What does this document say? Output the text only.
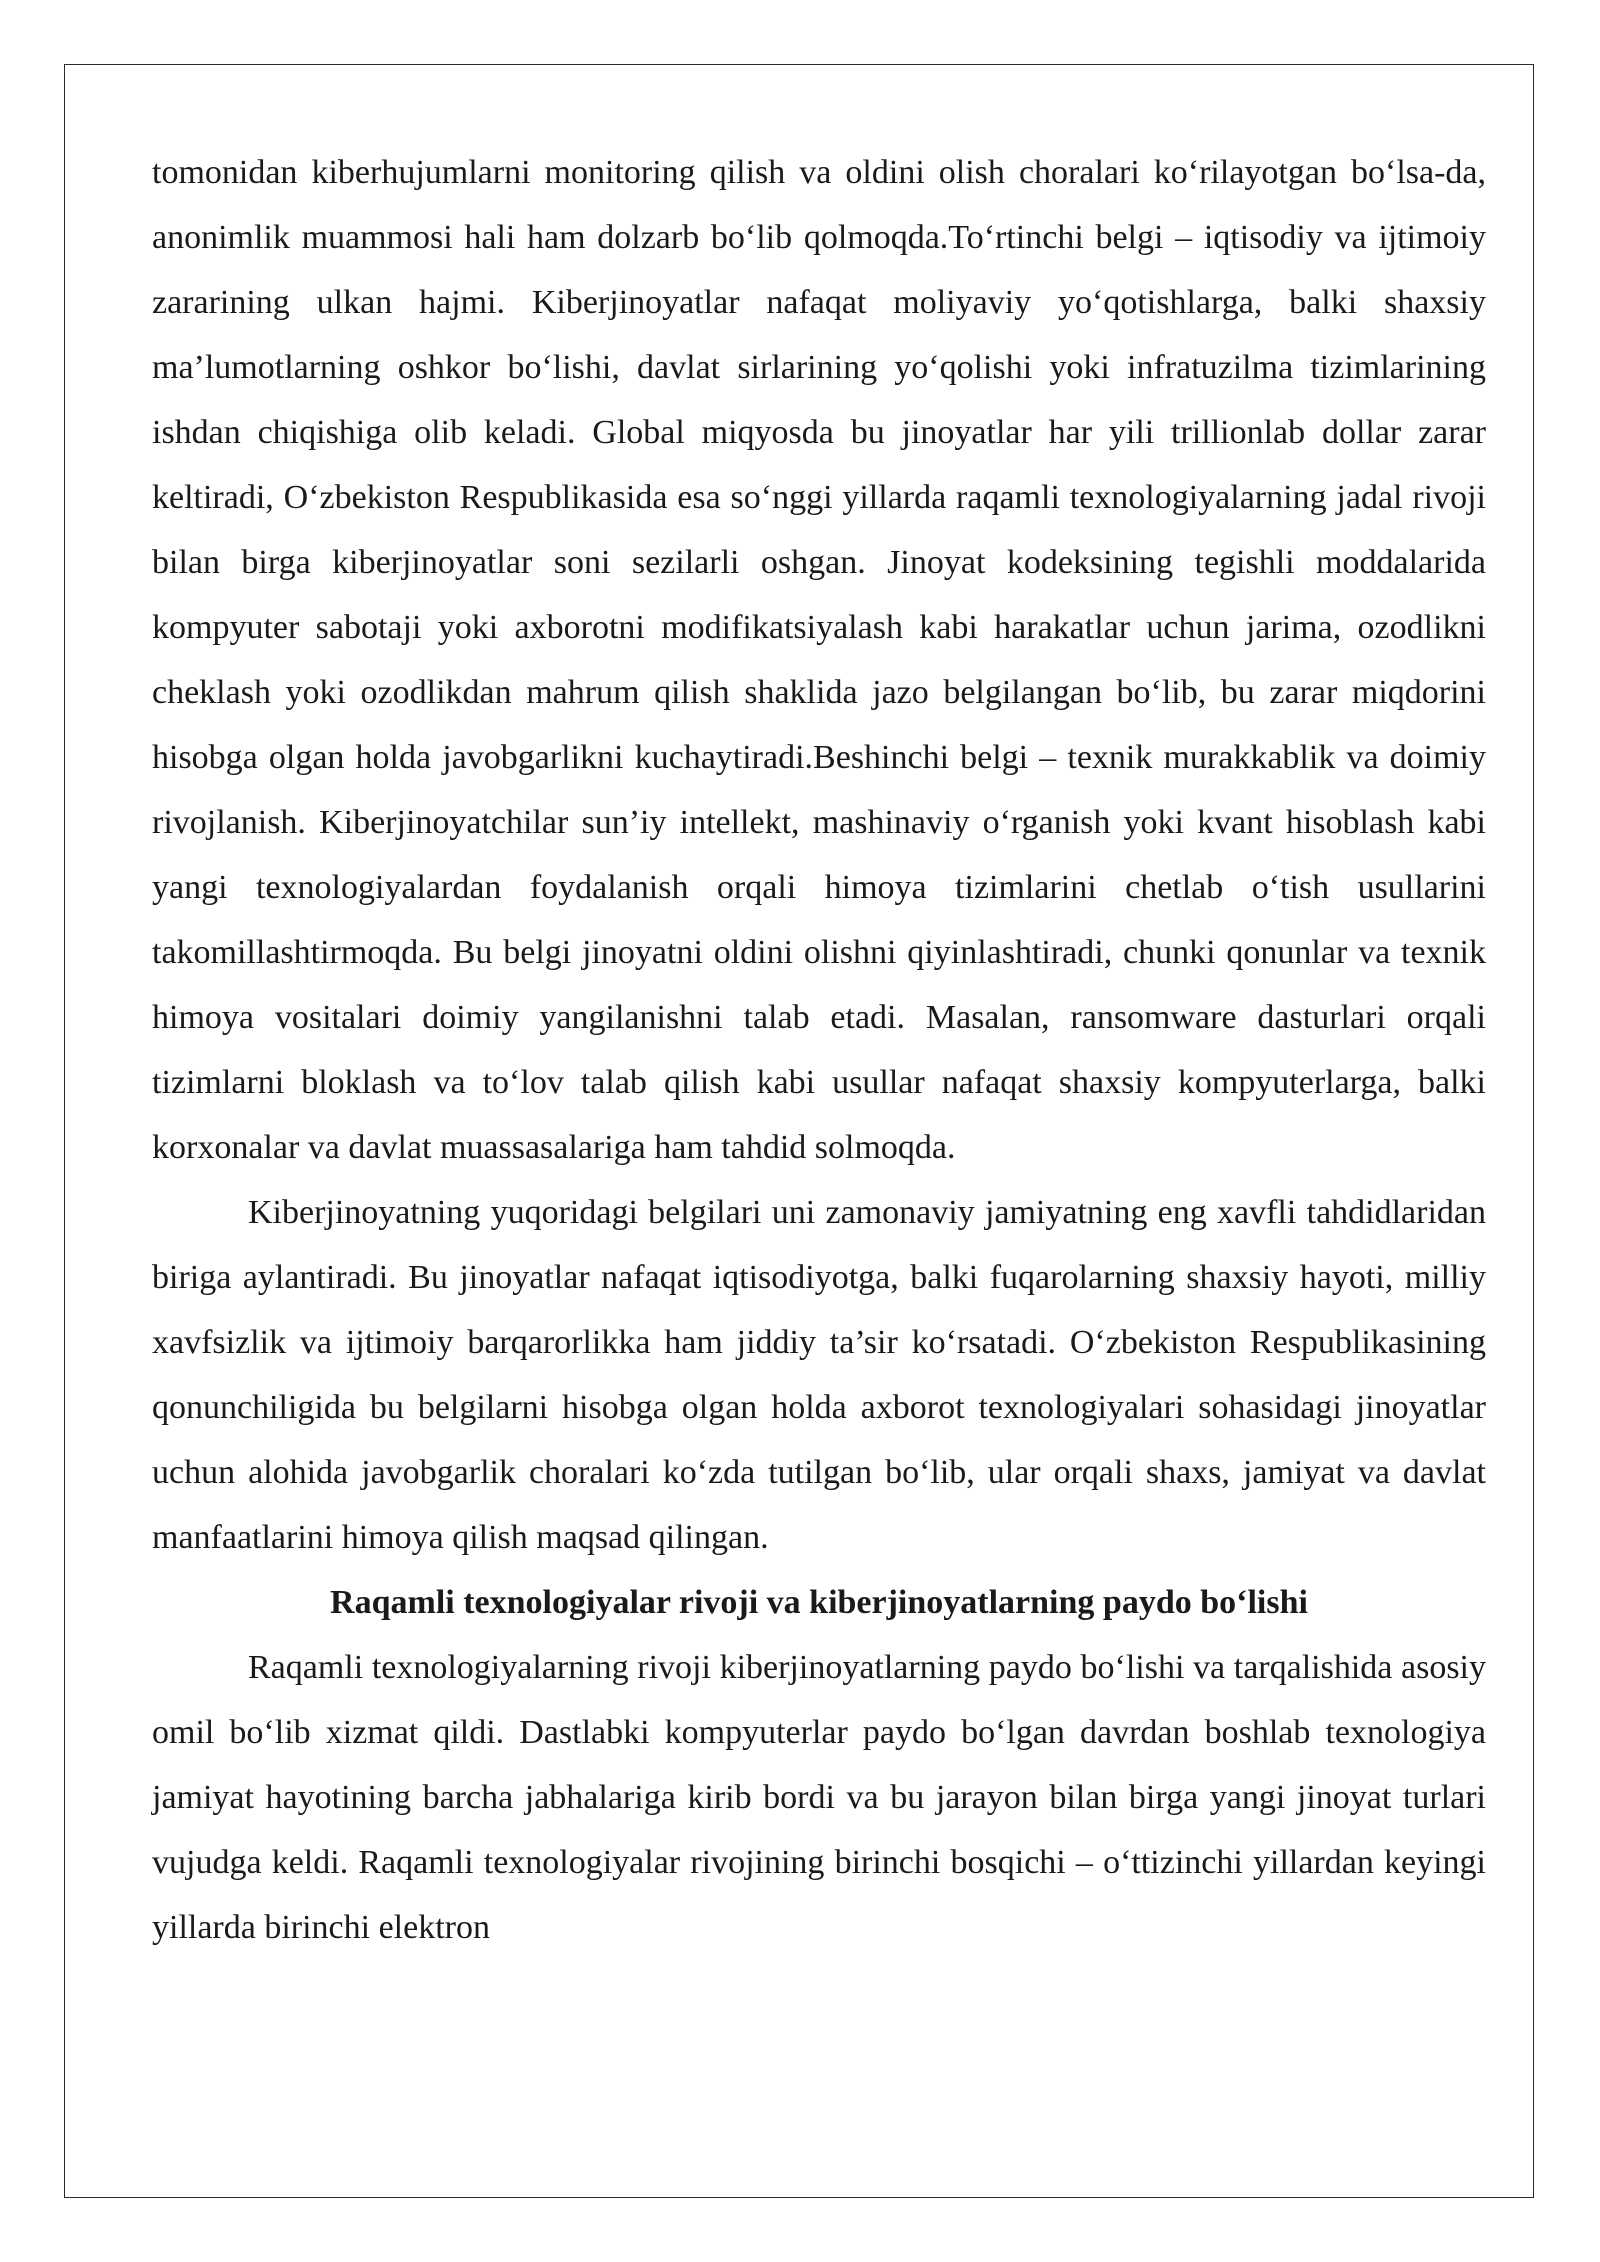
tomonidan kiberhujumlarni monitoring qilish va oldini olish choralari ko‘rilayotgan bo‘lsa-da, anonimlik muammosi hali ham dolzarb bo‘lib qolmoqda.To‘rtinchi belgi – iqtisodiy va ijtimoiy zararining ulkan hajmi. Kiberjinoyatlar nafaqat moliyaviy yo‘qotishlarga, balki shaxsiy ma’lumotlarning oshkor bo‘lishi, davlat sirlarining yo‘qolishi yoki infratuzilma tizimlarining ishdan chiqishiga olib keladi. Global miqyosda bu jinoyatlar har yili trillionlab dollar zarar keltiradi, O‘zbekiston Respublikasida esa so‘nggi yillarda raqamli texnologiyalarning jadal rivoji bilan birga kiberjinoyatlar soni sezilarli oshgan. Jinoyat kodeksining tegishli moddalarida kompyuter sabotaji yoki axborotni modifikatsiyalash kabi harakatlar uchun jarima, ozodlikni cheklash yoki ozodlikdan mahrum qilish shaklida jazo belgilangan bo‘lib, bu zarar miqdorini hisobga olgan holda javobgarlikni kuchaytiradi.Beshinchi belgi – texnik murakkablik va doimiy rivojlanish. Kiberjinoyatchilar sun’iy intellekt, mashinaviy o‘rganish yoki kvant hisoblash kabi yangi texnologiyalardan foydalanish orqali himoya tizimlarini chetlab o‘tish usullarini takomillashtirmoqda. Bu belgi jinoyatni oldini olishni qiyinlashtiradi, chunki qonunlar va texnik himoya vositalari doimiy yangilanishni talab etadi. Masalan, ransomware dasturlari orqali tizimlarni bloklash va to‘lov talab qilish kabi usullar nafaqat shaxsiy kompyuterlarga, balki korxonalar va davlat muassasalariga ham tahdid solmoqda.

Kiberjinoyatning yuqoridagi belgilari uni zamonaviy jamiyatning eng xavfli tahdidlaridan biriga aylantiradi. Bu jinoyatlar nafaqat iqtisodiyotga, balki fuqarolarning shaxsiy hayoti, milliy xavfsizlik va ijtimoiy barqarorlikka ham jiddiy ta’sir ko‘rsatadi. O‘zbekiston Respublikasining qonunchiligida bu belgilarni hisobga olgan holda axborot texnologiyalari sohasidagi jinoyatlar uchun alohida javobgarlik choralari ko‘zda tutilgan bo‘lib, ular orqali shaxs, jamiyat va davlat manfaatlarini himoya qilish maqsad qilingan.

Raqamli texnologiyalar rivoji va kiberjinoyatlarning paydo bo‘lishi

Raqamli texnologiyalarning rivoji kiberjinoyatlarning paydo bo‘lishi va tarqalishida asosiy omil bo‘lib xizmat qildi. Dastlabki kompyuterlar paydo bo‘lgan davrdan boshlab texnologiya jamiyat hayotining barcha jabhalariga kirib bordi va bu jarayon bilan birga yangi jinoyat turlari vujudga keldi. Raqamli texnologiyalar rivojining birinchi bosqichi – o‘ttizinchi yillardan keyingi yillarda birinchi elektron
